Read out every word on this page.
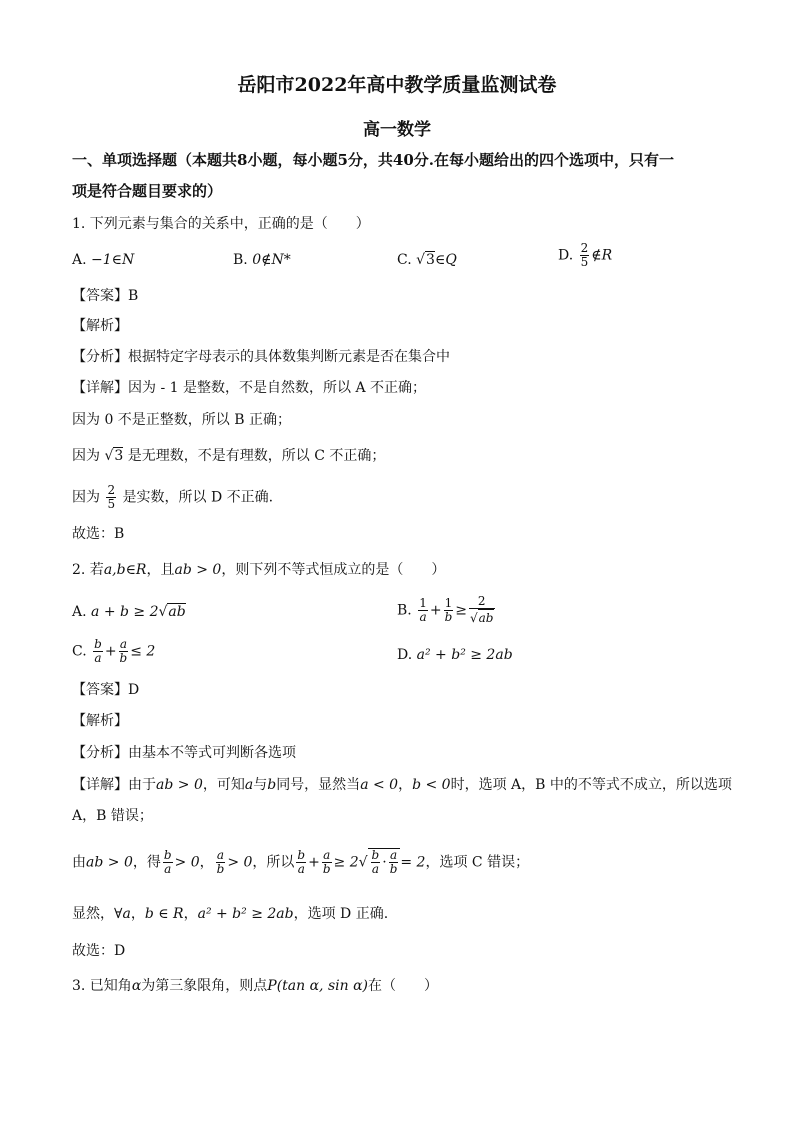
岳阳市2022年高中教学质量监测试卷
高一数学
一、单项选择题（本题共8小题，每小题5分，共40分.在每小题给出的四个选项中，只有一
项是符合题目要求的）
1. 下列元素与集合的关系中，正确的是（　　）
A. −1∈N	B. 0∉N*	C. √3∈Q	D. $\frac{2}{5}$ ∉R
【答案】B
【解析】
【分析】根据特定字母表示的具体数集判断元素是否在集合中
【详解】因为 - 1 是整数，不是自然数，所以 A 不正确；
因为 0 不是正整数，所以 B 正确；
因为 √3 是无理数，不是有理数，所以 C 不正确；
因为 $\frac{2}{5}$ 是实数，所以 D 不正确.
故选：B
2. 若a,b∈R，且ab > 0，则下列不等式恒成立的是（　　）
A. a + b ≥ 2√ab	B. $\frac{1}{a} + \frac{1}{b} \ge \frac{2}{√ab}$
C. $\frac{b}{a} + \frac{a}{b} \le 2$	D. a² + b² ≥ 2ab
【答案】D
【解析】
【分析】由基本不等式可判断各选项
【详解】由于ab > 0，可知a与b同号，显然当a < 0，b < 0时，选项 A，B 中的不等式不成立，所以选项
A，B 错误；
由ab > 0，得 $\frac{b}{a} > 0$， $\frac{a}{b} > 0$，所以 $\frac{b}{a} + \frac{a}{b} \ge 2√ \frac{b}{a} \cdot \frac{a}{b} = 2$，选项 C 错误；
显然，∀a，b ∈ R，a² + b² ≥ 2ab，选项 D 正确.
故选：D
3. 已知角α为第三象限角，则点P(tan α, sin α)在（　　）
